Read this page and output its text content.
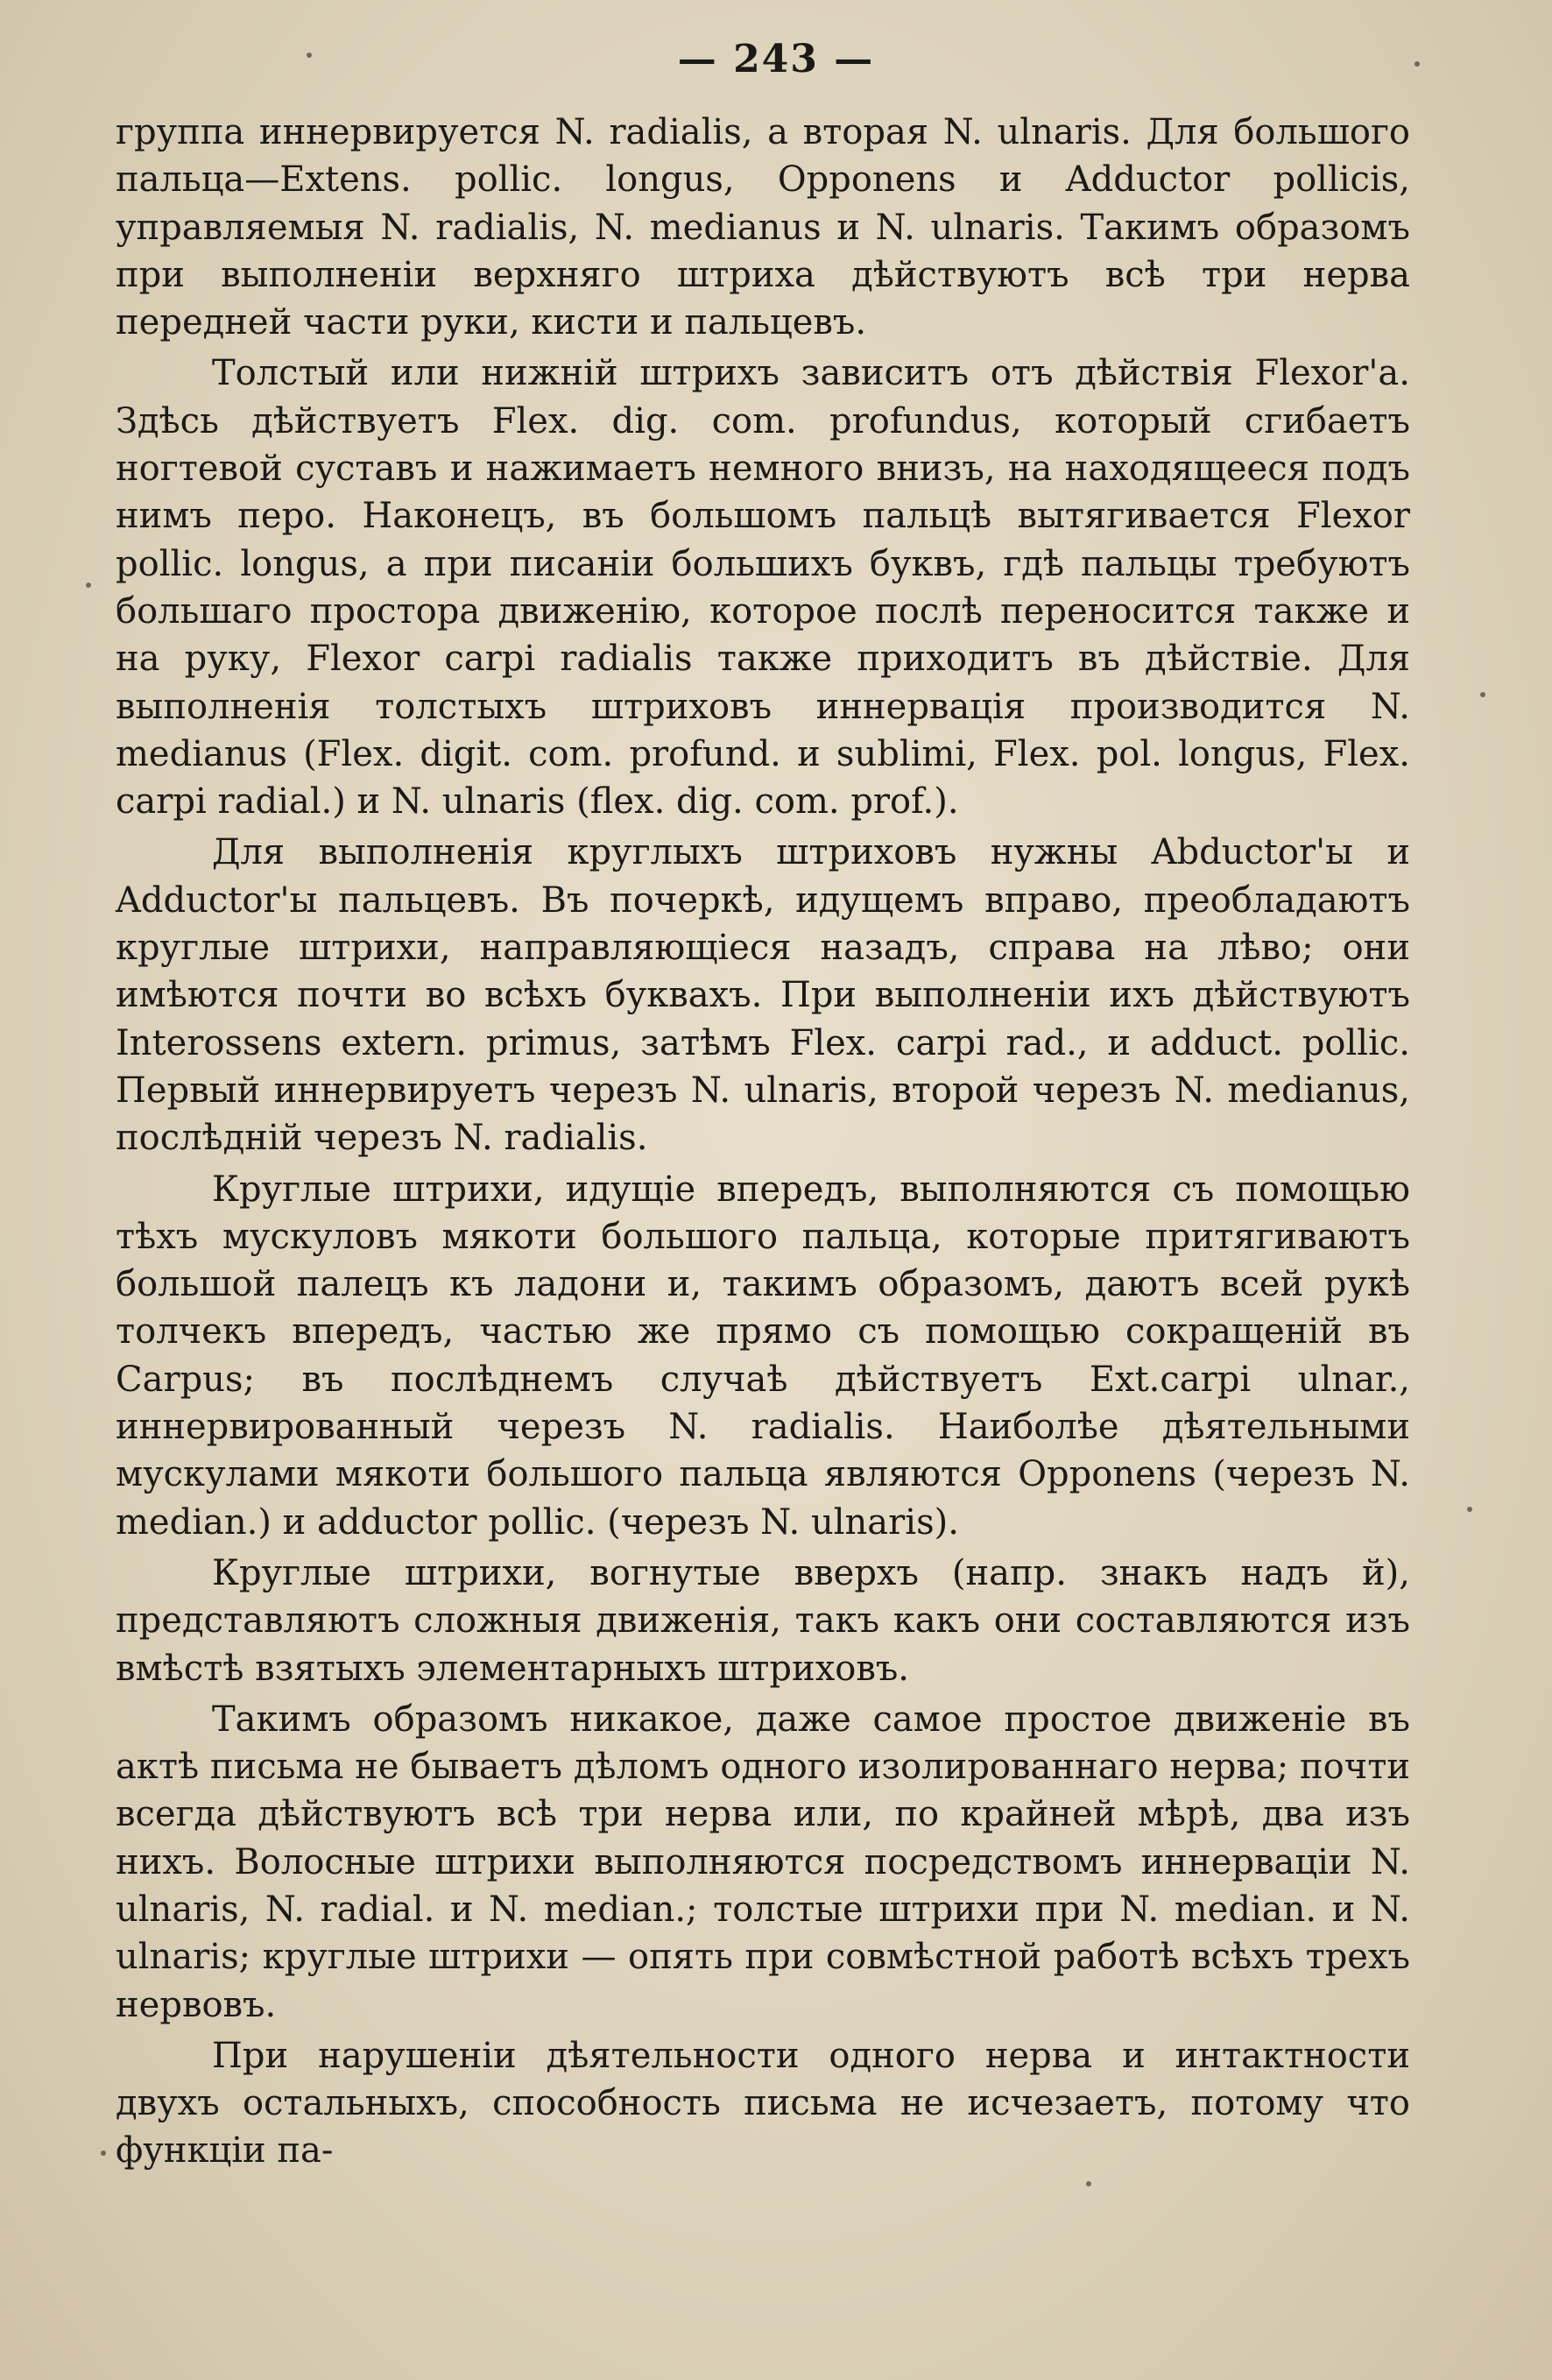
— 243 —

группа иннервируется N. radialis, а вторая N. ulnaris. Для большого пальца—Extens. pollic. longus, Opponens и Adductor pollicis, управляемыя N. radialis, N. medianus и N. ulnaris. Такимъ образомъ при выполненіи верхняго штриха дѣйствуютъ всѣ три нерва передней части руки, кисти и пальцевъ.

Толстый или нижній штрихъ зависитъ отъ дѣйствія Flexor'а. Здѣсь дѣйствуетъ Flex. dig. com. profundus, который сгибаетъ ногтевой суставъ и нажимаетъ немного внизъ, на находящееся подъ нимъ перо. Наконецъ, въ большомъ пальцѣ вытягивается Flexor pollic. longus, а при писаніи большихъ буквъ, гдѣ пальцы требуютъ большаго простора движенію, которое послѣ переносится также и на руку, Flexor carpi radialis также приходитъ въ дѣйствіе. Для выполненія толстыхъ штриховъ иннервація производится N. medianus (Flex. digit. com. profund. и sublimi, Flex. pol. longus, Flex. carpi radial.) и N. ulnaris (flex. dig. com. prof.).

Для выполненія круглыхъ штриховъ нужны Abductor'ы и Adductor'ы пальцевъ. Въ почеркѣ, идущемъ вправо, преобладаютъ круглые штрихи, направляющіеся назадъ, справа на лѣво; они имѣются почти во всѣхъ буквахъ. При выполненіи ихъ дѣйствуютъ Interossens extern. primus, затѣмъ Flex. carpi rad., и adduct. pollic. Первый иннервируетъ черезъ N. ulnaris, второй черезъ N. medianus, послѣдній черезъ N. radialis.

Круглые штрихи, идущіе впередъ, выполняются съ помощью тѣхъ мускуловъ мякоти большого пальца, которые притягиваютъ большой палецъ къ ладони и, такимъ образомъ, даютъ всей рукѣ толчекъ впередъ, частью же прямо съ помощью сокращеній въ Carpus; въ послѣднемъ случаѣ дѣйствуетъ Ext.carpi ulnar., иннервированный черезъ N. radialis. Наиболѣе дѣятельными мускулами мякоти большого пальца являются Opponens (черезъ N. median.) и adductor pollic. (черезъ N. ulnaris).

Круглые штрихи, вогнутые вверхъ (напр. знакъ надъ й), представляютъ сложныя движенія, такъ какъ они составляются изъ вмѣстѣ взятыхъ элементарныхъ штриховъ.

Такимъ образомъ никакое, даже самое простое движеніе въ актѣ письма не бываетъ дѣломъ одного изолированнаго нерва; почти всегда дѣйствуютъ всѣ три нерва или, по крайней мѣрѣ, два изъ нихъ. Волосные штрихи выполняются посредствомъ иннерваціи N. ulnaris, N. radial. и N. median.; толстые штрихи при N. median. и N. ulnaris; круглые штрихи — опять при совмѣстной работѣ всѣхъ трехъ нервовъ.

При нарушеніи дѣятельности одного нерва и интактности двухъ остальныхъ, способность письма не исчезаетъ, потому что функціи па-
